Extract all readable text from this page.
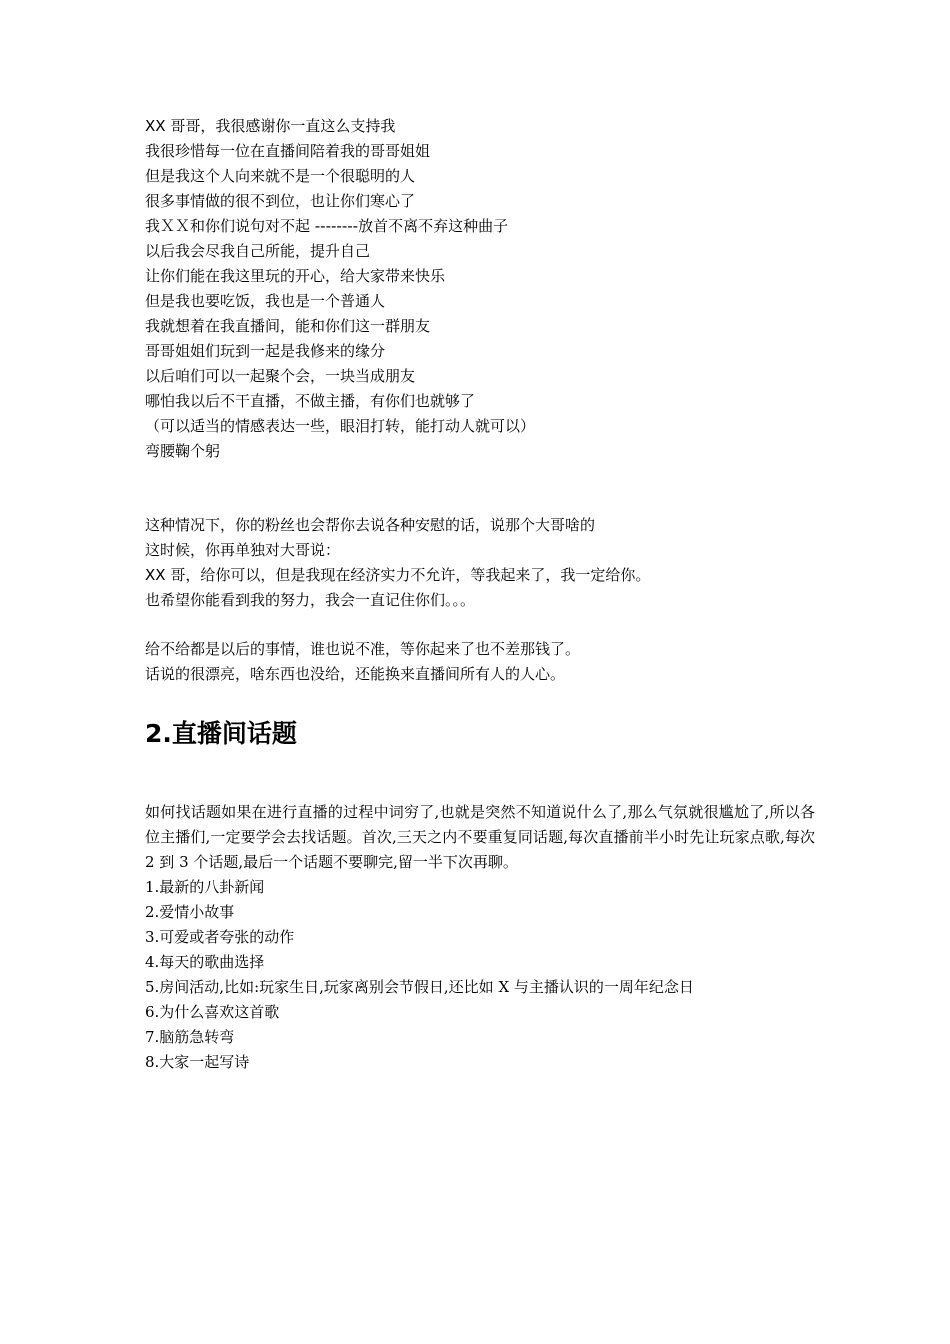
XX 哥哥，我很感谢你一直这么支持我
我很珍惜每一位在直播间陪着我的哥哥姐姐
但是我这个人向来就不是一个很聪明的人
很多事情做的很不到位，也让你们寒心了
我ＸＸ和你们说句对不起 --------放首不离不弃这种曲子
以后我会尽我自己所能，提升自己
让你们能在我这里玩的开心，给大家带来快乐
但是我也要吃饭，我也是一个普通人
我就想着在我直播间，能和你们这一群朋友
哥哥姐姐们玩到一起是我修来的缘分
以后咱们可以一起聚个会，一块当成朋友
哪怕我以后不干直播，不做主播，有你们也就够了
（可以适当的情感表达一些，眼泪打转，能打动人就可以）
弯腰鞠个躬
这种情况下，你的粉丝也会帮你去说各种安慰的话，说那个大哥啥的
这时候，你再单独对大哥说：
XX 哥，给你可以，但是我现在经济实力不允许，等我起来了，我一定给你。
也希望你能看到我的努力，我会一直记住你们。。。
给不给都是以后的事情，谁也说不准，等你起来了也不差那钱了。
话说的很漂亮，啥东西也没给，还能换来直播间所有人的人心。
2.直播间话题
如何找话题如果在进行直播的过程中词穷了,也就是突然不知道说什么了,那么气氛就很尴尬了,所以各位主播们,一定要学会去找话题。首次,三天之内不要重复同话题,每次直播前半小时先让玩家点歌,每次 2 到 3 个话题,最后一个话题不要聊完,留一半下次再聊。
1.最新的八卦新闻
2.爱情小故事
3.可爱或者夸张的动作
4.每天的歌曲选择
5.房间活动,比如:玩家生日,玩家离别会节假日,还比如 X 与主播认识的一周年纪念日
6.为什么喜欢这首歌
7.脑筋急转弯
8.大家一起写诗
